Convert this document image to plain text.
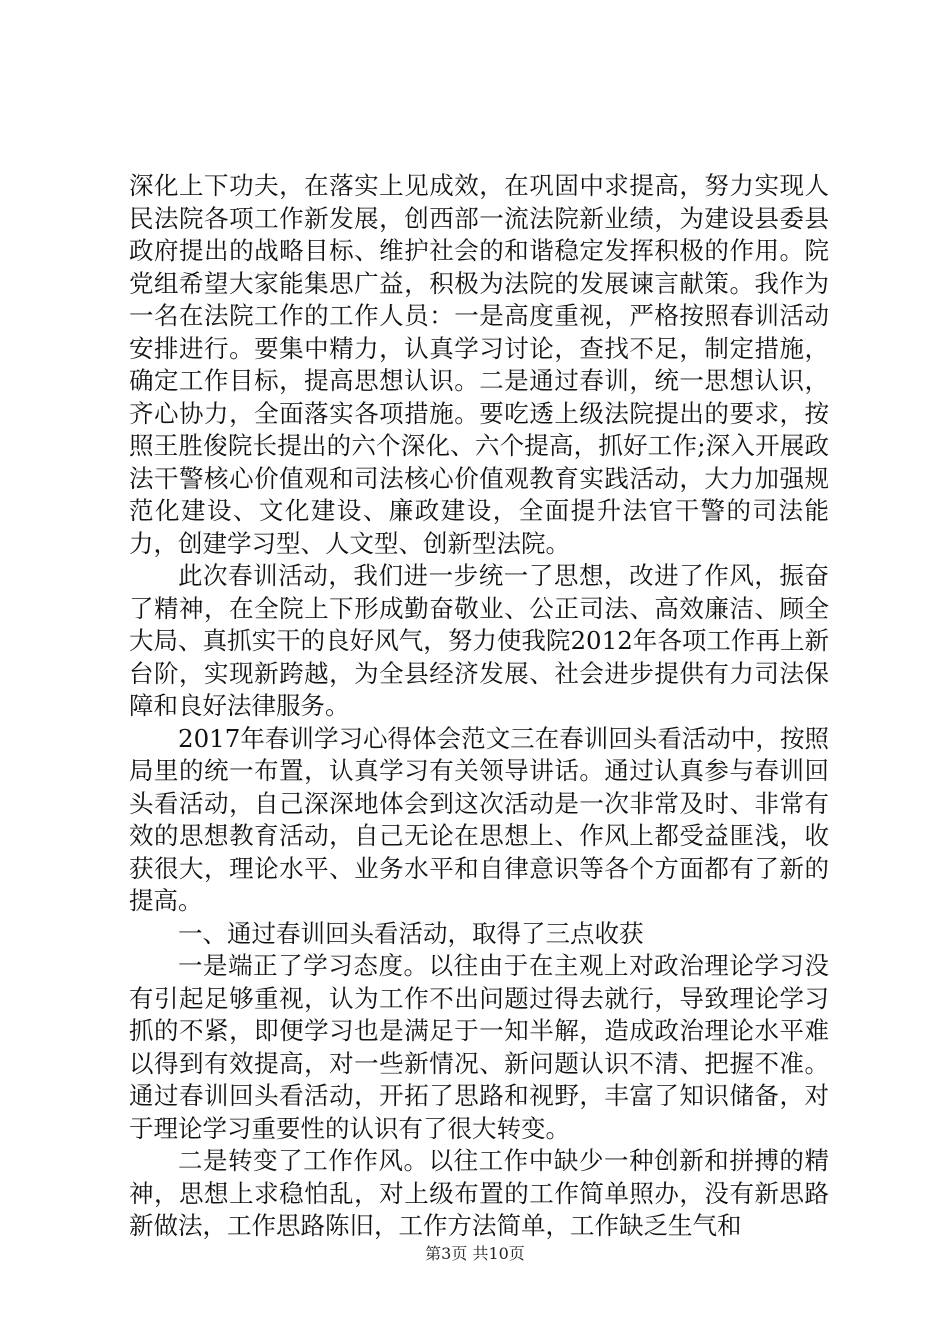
深化上下功夫，在落实上见成效，在巩固中求提高，努力实现人民法院各项工作新发展，创西部一流法院新业绩，为建设县委县政府提出的战略目标、维护社会的和谐稳定发挥积极的作用。院党组希望大家能集思广益，积极为法院的发展谏言献策。我作为一名在法院工作的工作人员：一是高度重视，严格按照春训活动安排进行。要集中精力，认真学习讨论，查找不足，制定措施，确定工作目标，提高思想认识。二是通过春训，统一思想认识，齐心协力，全面落实各项措施。要吃透上级法院提出的要求，按照王胜俊院长提出的六个深化、六个提高，抓好工作;深入开展政法干警核心价值观和司法核心价值观教育实践活动，大力加强规范化建设、文化建设、廉政建设，全面提升法官干警的司法能力，创建学习型、人文型、创新型法院。

此次春训活动，我们进一步统一了思想，改进了作风，振奋了精神，在全院上下形成勤奋敬业、公正司法、高效廉洁、顾全大局、真抓实干的良好风气，努力使我院2012年各项工作再上新台阶，实现新跨越，为全县经济发展、社会进步提供有力司法保障和良好法律服务。

2017年春训学习心得体会范文三在春训回头看活动中，按照局里的统一布置，认真学习有关领导讲话。通过认真参与春训回头看活动，自己深深地体会到这次活动是一次非常及时、非常有效的思想教育活动，自己无论在思想上、作风上都受益匪浅，收获很大，理论水平、业务水平和自律意识等各个方面都有了新的提高。

一、通过春训回头看活动，取得了三点收获

一是端正了学习态度。以往由于在主观上对政治理论学习没有引起足够重视，认为工作不出问题过得去就行，导致理论学习抓的不紧，即便学习也是满足于一知半解，造成政治理论水平难以得到有效提高，对一些新情况、新问题认识不清、把握不准。通过春训回头看活动，开拓了思路和视野，丰富了知识储备，对于理论学习重要性的认识有了很大转变。

二是转变了工作作风。以往工作中缺少一种创新和拼搏的精神，思想上求稳怕乱，对上级布置的工作简单照办，没有新思路新做法，工作思路陈旧，工作方法简单，工作缺乏生气和

第3页 共10页
